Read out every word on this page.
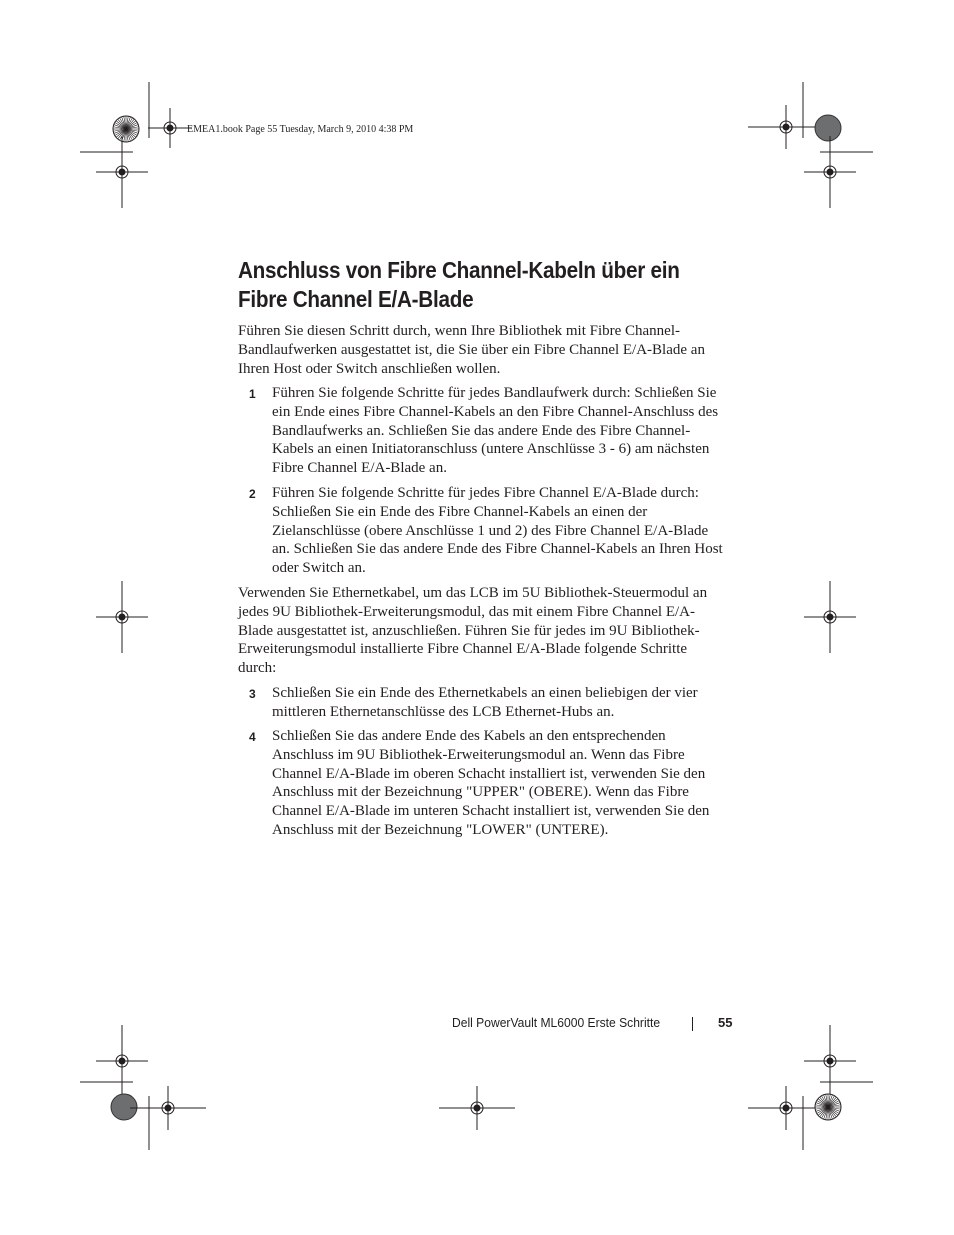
EMEA1.book Page 55 Tuesday, March 9, 2010 4:38 PM
Anschluss von Fibre Channel-Kabeln über ein
Fibre Channel E/A-Blade

Führen Sie diesen Schritt durch, wenn Ihre Bibliothek mit Fibre Channel-
Bandlaufwerken ausgestattet ist, die Sie über ein Fibre Channel E/A-Blade an
Ihren Host oder Switch anschließen wollen.

1 Führen Sie folgende Schritte für jedes Bandlaufwerk durch: Schließen Sie
ein Ende eines Fibre Channel-Kabels an den Fibre Channel-Anschluss des
Bandlaufwerks an. Schließen Sie das andere Ende des Fibre Channel-
Kabels an einen Initiatoranschluss (untere Anschlüsse 3 - 6) am nächsten
Fibre Channel E/A-Blade an.
2 Führen Sie folgende Schritte für jedes Fibre Channel E/A-Blade durch:
Schließen Sie ein Ende des Fibre Channel-Kabels an einen der
Zielanschlüsse (obere Anschlüsse 1 und 2) des Fibre Channel E/A-Blade
an. Schließen Sie das andere Ende des Fibre Channel-Kabels an Ihren Host
oder Switch an.

Verwenden Sie Ethernetkabel, um das LCB im 5U Bibliothek-Steuermodul an
jedes 9U Bibliothek-Erweiterungsmodul, das mit einem Fibre Channel E/A-
Blade ausgestattet ist, anzuschließen. Führen Sie für jedes im 9U Bibliothek-
Erweiterungsmodul installierte Fibre Channel E/A-Blade folgende Schritte
durch:

3 Schließen Sie ein Ende des Ethernetkabels an einen beliebigen der vier
mittleren Ethernetanschlüsse des LCB Ethernet-Hubs an.
4 Schließen Sie das andere Ende des Kabels an den entsprechenden
Anschluss im 9U Bibliothek-Erweiterungsmodul an. Wenn das Fibre
Channel E/A-Blade im oberen Schacht installiert ist, verwenden Sie den
Anschluss mit der Bezeichnung "UPPER" (OBERE). Wenn das Fibre
Channel E/A-Blade im unteren Schacht installiert ist, verwenden Sie den
Anschluss mit der Bezeichnung "LOWER" (UNTERE).
Dell PowerVault ML6000 Erste Schritte	55
